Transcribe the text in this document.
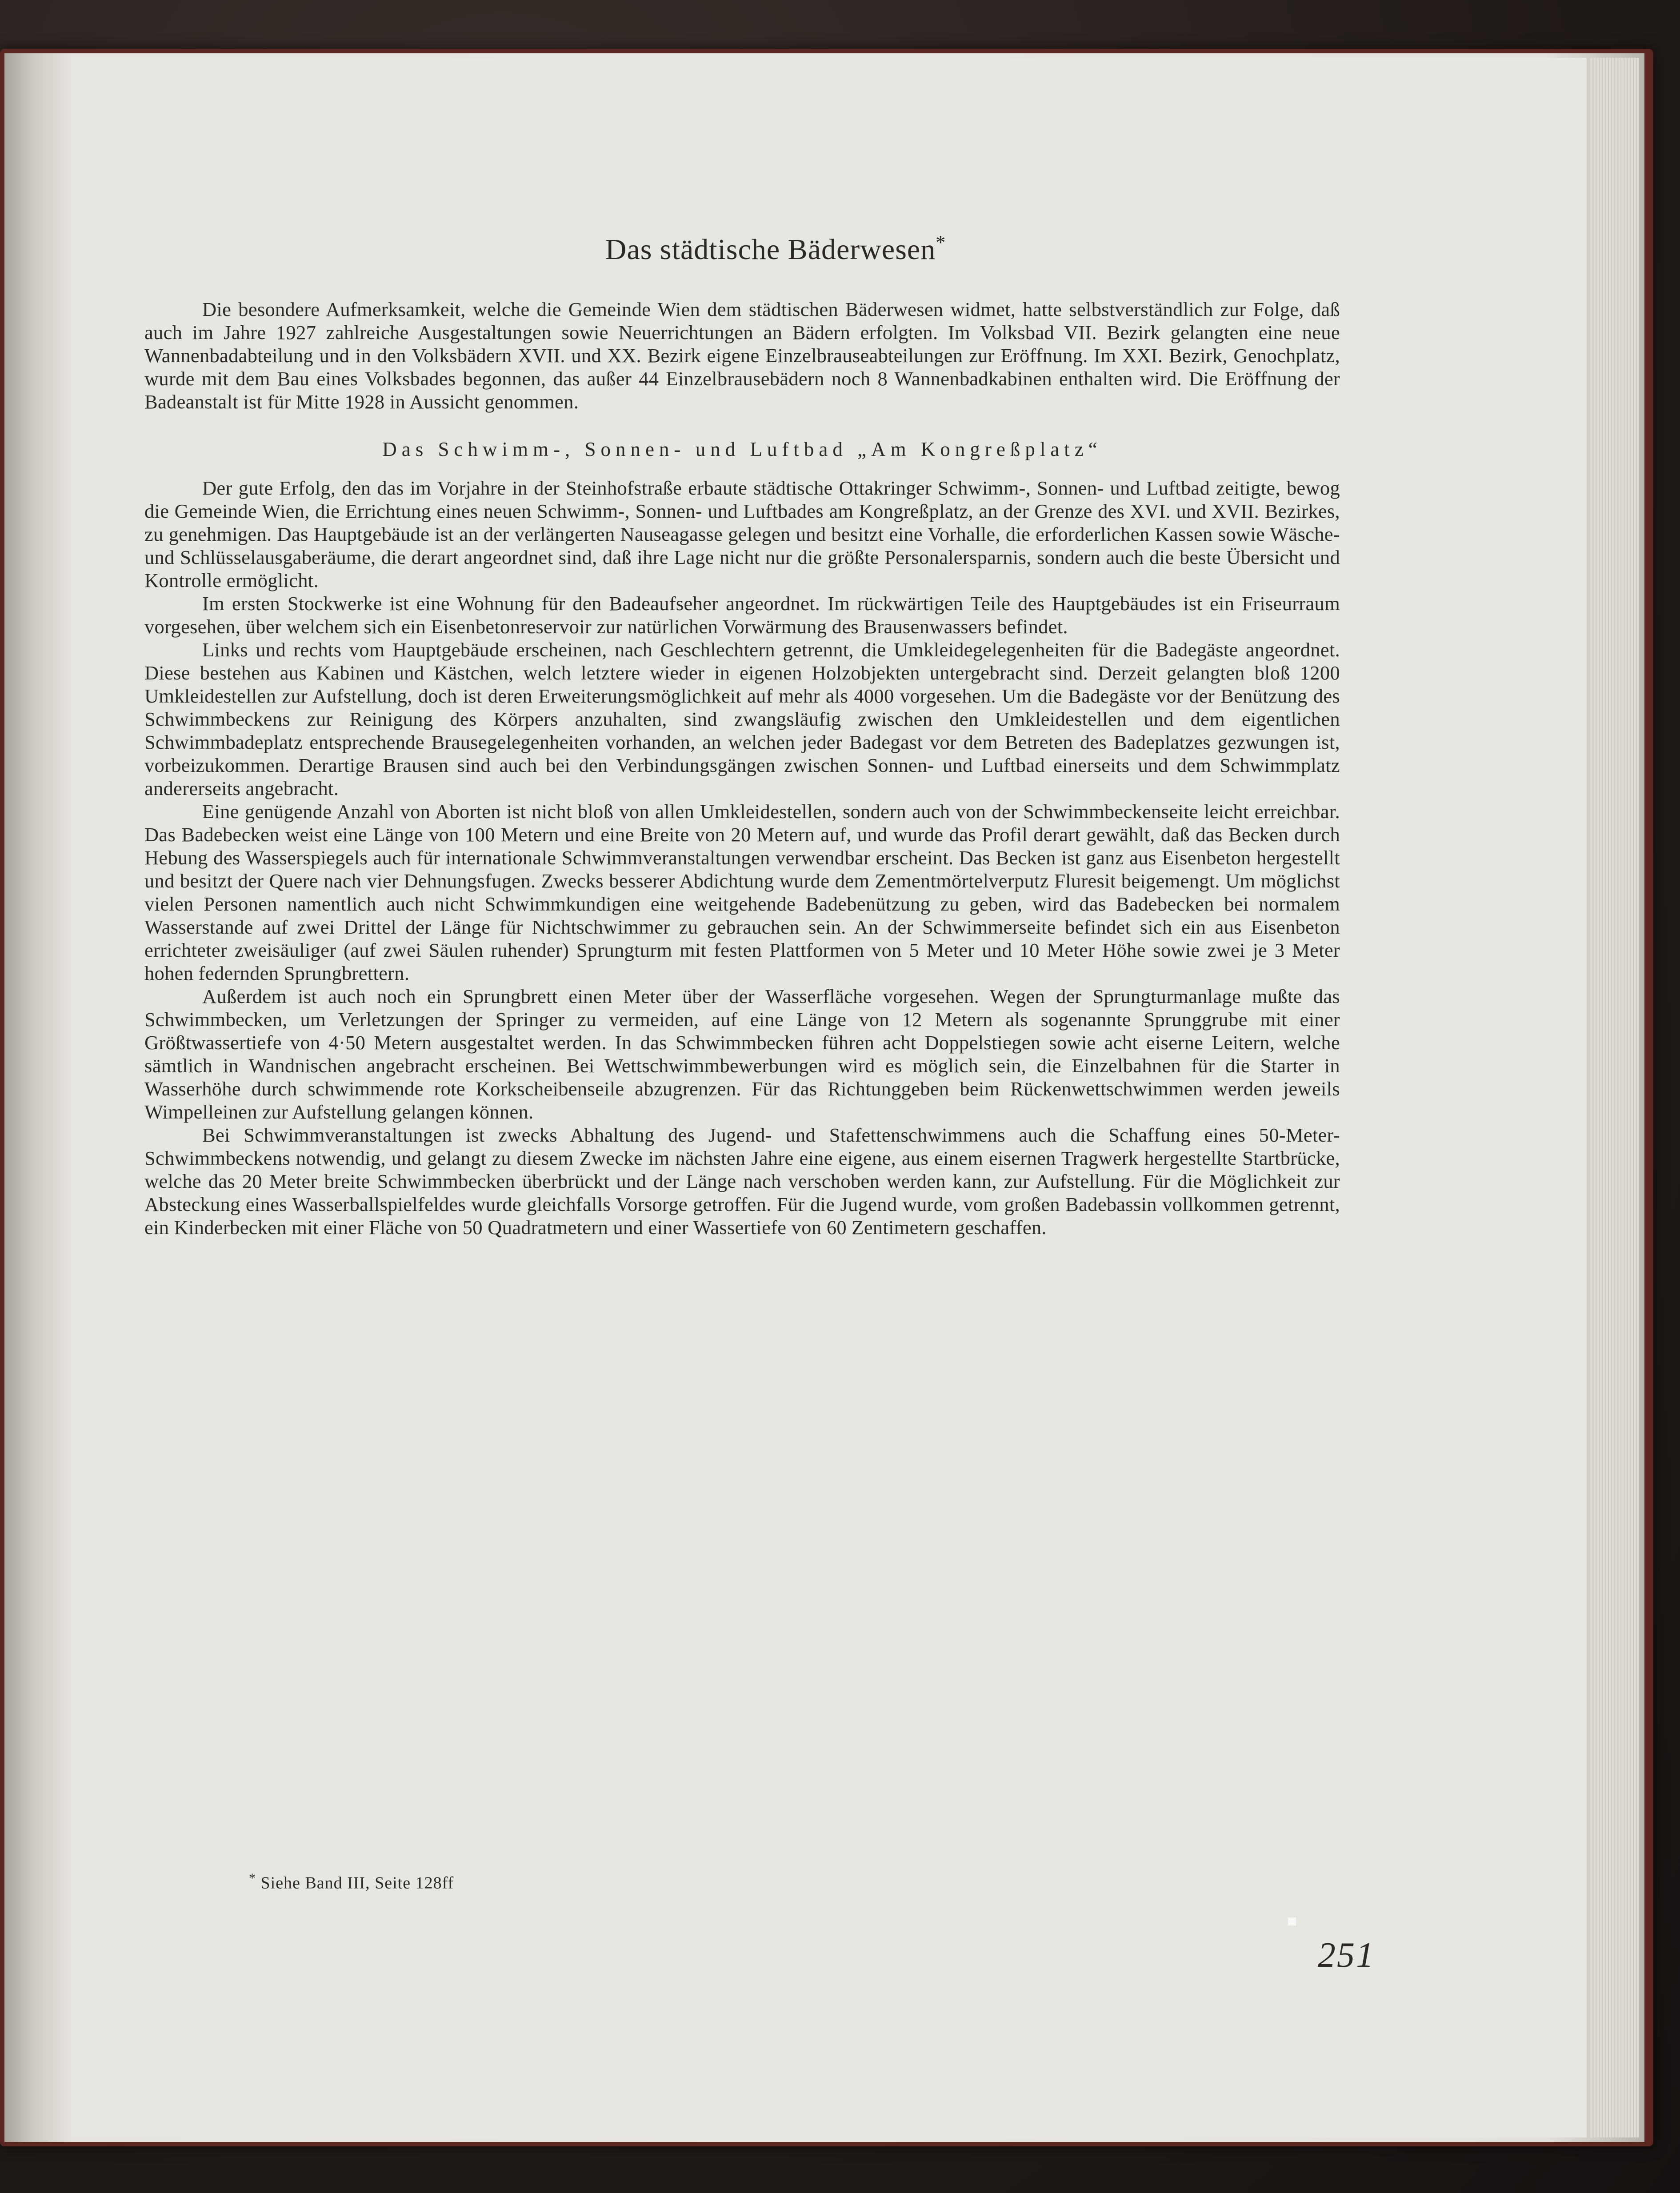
Das städtische Bäderwesen*

Die besondere Aufmerksamkeit, welche die Gemeinde Wien dem städtischen Bäderwesen widmet, hatte selbstverständlich zur Folge, daß auch im Jahre 1927 zahlreiche Ausgestaltungen sowie Neuerrichtungen an Bädern erfolgten. Im Volksbad VII. Bezirk gelangten eine neue Wannenbadabteilung und in den Volksbädern XVII. und XX. Bezirk eigene Einzelbrauseabteilungen zur Eröffnung. Im XXI. Bezirk, Genochplatz, wurde mit dem Bau eines Volksbades begonnen, das außer 44 Einzelbrausebädern noch 8 Wannenbadkabinen enthalten wird. Die Eröffnung der Badeanstalt ist für Mitte 1928 in Aussicht genommen.

Das Schwimm-, Sonnen- und Luftbad „Am Kongreßplatz“

Der gute Erfolg, den das im Vorjahre in der Steinhofstraße erbaute städtische Ottakringer Schwimm-, Sonnen- und Luftbad zeitigte, bewog die Gemeinde Wien, die Errichtung eines neuen Schwimm-, Sonnen- und Luftbades am Kongreßplatz, an der Grenze des XVI. und XVII. Bezirkes, zu genehmigen. Das Hauptgebäude ist an der verlängerten Nauseagasse gelegen und besitzt eine Vorhalle, die erforderlichen Kassen sowie Wäsche- und Schlüsselausgaberäume, die derart angeordnet sind, daß ihre Lage nicht nur die größte Personalersparnis, sondern auch die beste Übersicht und Kontrolle ermöglicht.

Im ersten Stockwerke ist eine Wohnung für den Badeaufseher angeordnet. Im rückwärtigen Teile des Hauptgebäudes ist ein Friseurraum vorgesehen, über welchem sich ein Eisenbetonreservoir zur natürlichen Vorwärmung des Brausenwassers befindet.

Links und rechts vom Hauptgebäude erscheinen, nach Geschlechtern getrennt, die Umkleidegelegenheiten für die Badegäste angeordnet. Diese bestehen aus Kabinen und Kästchen, welch letztere wieder in eigenen Holzobjekten untergebracht sind. Derzeit gelangten bloß 1200 Umkleidestellen zur Aufstellung, doch ist deren Erweiterungsmöglichkeit auf mehr als 4000 vorgesehen. Um die Badegäste vor der Benützung des Schwimmbeckens zur Reinigung des Körpers anzuhalten, sind zwangsläufig zwischen den Umkleidestellen und dem eigentlichen Schwimmbadeplatz entsprechende Brausegelegenheiten vorhanden, an welchen jeder Badegast vor dem Betreten des Badeplatzes gezwungen ist, vorbeizukommen. Derartige Brausen sind auch bei den Verbindungsgängen zwischen Sonnen- und Luftbad einerseits und dem Schwimmplatz andererseits angebracht.

Eine genügende Anzahl von Aborten ist nicht bloß von allen Umkleidestellen, sondern auch von der Schwimmbeckenseite leicht erreichbar. Das Badebecken weist eine Länge von 100 Metern und eine Breite von 20 Metern auf, und wurde das Profil derart gewählt, daß das Becken durch Hebung des Wasserspiegels auch für internationale Schwimmveranstaltungen verwendbar erscheint. Das Becken ist ganz aus Eisenbeton hergestellt und besitzt der Quere nach vier Dehnungsfugen. Zwecks besserer Abdichtung wurde dem Zementmörtelverputz Fluresit beigemengt. Um möglichst vielen Personen namentlich auch nicht Schwimmkundigen eine weitgehende Badebenützung zu geben, wird das Badebecken bei normalem Wasserstande auf zwei Drittel der Länge für Nichtschwimmer zu gebrauchen sein. An der Schwimmerseite befindet sich ein aus Eisenbeton errichteter zweisäuliger (auf zwei Säulen ruhender) Sprungturm mit festen Plattformen von 5 Meter und 10 Meter Höhe sowie zwei je 3 Meter hohen federnden Sprungbrettern.

Außerdem ist auch noch ein Sprungbrett einen Meter über der Wasserfläche vorgesehen. Wegen der Sprungturmanlage mußte das Schwimmbecken, um Verletzungen der Springer zu vermeiden, auf eine Länge von 12 Metern als sogenannte Sprunggrube mit einer Größtwassertiefe von 4·50 Metern ausgestaltet werden. In das Schwimmbecken führen acht Doppelstiegen sowie acht eiserne Leitern, welche sämtlich in Wandnischen angebracht erscheinen. Bei Wettschwimmbewerbungen wird es möglich sein, die Einzelbahnen für die Starter in Wasserhöhe durch schwimmende rote Korkscheibenseile abzugrenzen. Für das Richtunggeben beim Rückenwettschwimmen werden jeweils Wimpelleinen zur Aufstellung gelangen können.

Bei Schwimmveranstaltungen ist zwecks Abhaltung des Jugend- und Stafettenschwimmens auch die Schaffung eines 50-Meter-Schwimmbeckens notwendig, und gelangt zu diesem Zwecke im nächsten Jahre eine eigene, aus einem eisernen Tragwerk hergestellte Startbrücke, welche das 20 Meter breite Schwimmbecken überbrückt und der Länge nach verschoben werden kann, zur Aufstellung. Für die Möglichkeit zur Absteckung eines Wasserballspielfeldes wurde gleichfalls Vorsorge getroffen. Für die Jugend wurde, vom großen Badebassin vollkommen getrennt, ein Kinderbecken mit einer Fläche von 50 Quadratmetern und einer Wassertiefe von 60 Zentimetern geschaffen.

* Siehe Band III, Seite 128ff
251
